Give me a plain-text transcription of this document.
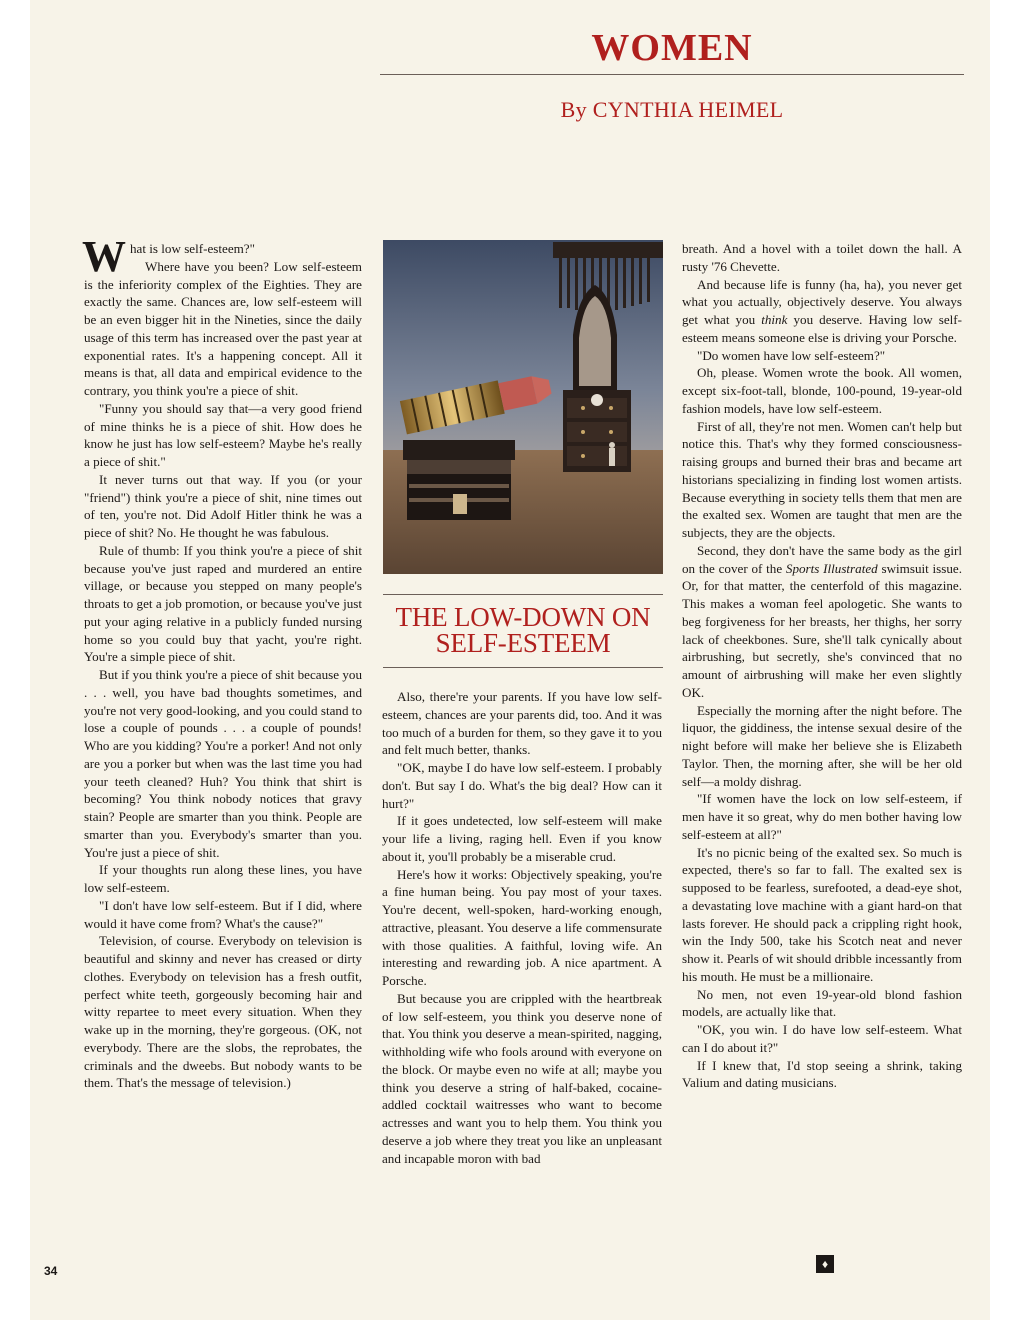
WOMEN
By CYNTHIA HEIMEL

What is low self-esteem?"

Where have you been? Low self-esteem is the inferiority complex of the Eighties. They are exactly the same. Chances are, low self-esteem will be an even bigger hit in the Nineties, since the daily usage of this term has increased over the past year at exponential rates. It's a happening concept. All it means is that, all data and empirical evidence to the contrary, you think you're a piece of shit.

"Funny you should say that—a very good friend of mine thinks he is a piece of shit. How does he know he just has low self-esteem? Maybe he's really a piece of shit."

It never turns out that way. If you (or your "friend") think you're a piece of shit, nine times out of ten, you're not. Did Adolf Hitler think he was a piece of shit? No. He thought he was fabulous.

Rule of thumb: If you think you're a piece of shit because you've just raped and murdered an entire village, or because you stepped on many people's throats to get a job promotion, or because you've just put your aging relative in a publicly funded nursing home so you could buy that yacht, you're right. You're a simple piece of shit.

But if you think you're a piece of shit because you . . . well, you have bad thoughts sometimes, and you're not very good-looking, and you could stand to lose a couple of pounds . . . a couple of pounds! Who are you kidding? You're a porker! And not only are you a porker but when was the last time you had your teeth cleaned? Huh? You think that shirt is becoming? You think nobody notices that gravy stain? People are smarter than you think. People are smarter than you. Everybody's smarter than you. You're just a piece of shit.

If your thoughts run along these lines, you have low self-esteem.

"I don't have low self-esteem. But if I did, where would it have come from? What's the cause?"

Television, of course. Everybody on television is beautiful and skinny and never has creased or dirty clothes. Everybody on television has a fresh outfit, perfect white teeth, gorgeously becoming hair and witty repartee to meet every situation. When they wake up in the morning, they're gorgeous. (OK, not everybody. There are the slobs, the reprobates, the criminals and the dweebs. But nobody wants to be them. That's the message of television.)

THE LOW-DOWN ON SELF-ESTEEM

Also, there're your parents. If you have low self-esteem, chances are your parents did, too. And it was too much of a burden for them, so they gave it to you and felt much better, thanks.

"OK, maybe I do have low self-esteem. I probably don't. But say I do. What's the big deal? How can it hurt?"

If it goes undetected, low self-esteem will make your life a living, raging hell. Even if you know about it, you'll probably be a miserable crud.

Here's how it works: Objectively speaking, you're a fine human being. You pay most of your taxes. You're decent, well-spoken, hard-working enough, attractive, pleasant. You deserve a life commensurate with those qualities. A faithful, loving wife. An interesting and rewarding job. A nice apartment. A Porsche.

But because you are crippled with the heartbreak of low self-esteem, you think you deserve none of that. You think you deserve a mean-spirited, nagging, withholding wife who fools around with everyone on the block. Or maybe even no wife at all; maybe you think you deserve a string of half-baked, cocaine-addled cocktail waitresses who want to become actresses and want you to help them. You think you deserve a job where they treat you like an unpleasant and incapable moron with bad

breath. And a hovel with a toilet down the hall. A rusty '76 Chevette.

And because life is funny (ha, ha), you never get what you actually, objectively deserve. You always get what you think you deserve. Having low self-esteem means someone else is driving your Porsche.

"Do women have low self-esteem?"

Oh, please. Women wrote the book. All women, except six-foot-tall, blonde, 100-pound, 19-year-old fashion models, have low self-esteem.

First of all, they're not men. Women can't help but notice this. That's why they formed consciousness-raising groups and burned their bras and became art historians specializing in finding lost women artists. Because everything in society tells them that men are the exalted sex. Women are taught that men are the subjects, they are the objects.

Second, they don't have the same body as the girl on the cover of the Sports Illustrated swimsuit issue. Or, for that matter, the centerfold of this magazine. This makes a woman feel apologetic. She wants to beg forgiveness for her breasts, her thighs, her sorry lack of cheekbones. Sure, she'll talk cynically about airbrushing, but secretly, she's convinced that no amount of airbrushing will make her even slightly OK.

Especially the morning after the night before. The liquor, the giddiness, the intense sexual desire of the night before will make her believe she is Elizabeth Taylor. Then, the morning after, she will be her old self—a moldy dishrag.

"If women have the lock on low self-esteem, if men have it so great, why do men bother having low self-esteem at all?"

It's no picnic being of the exalted sex. So much is expected, there's so far to fall. The exalted sex is supposed to be fearless, surefooted, a dead-eye shot, a devastating love machine with a giant hard-on that lasts forever. He should pack a crippling right hook, win the Indy 500, take his Scotch neat and never show it. Pearls of wit should dribble incessantly from his mouth. He must be a millionaire.

No men, not even 19-year-old blond fashion models, are actually like that.

"OK, you win. I do have low self-esteem. What can I do about it?"

If I knew that, I'd stop seeing a shrink, taking Valium and dating musicians.

34	♦
